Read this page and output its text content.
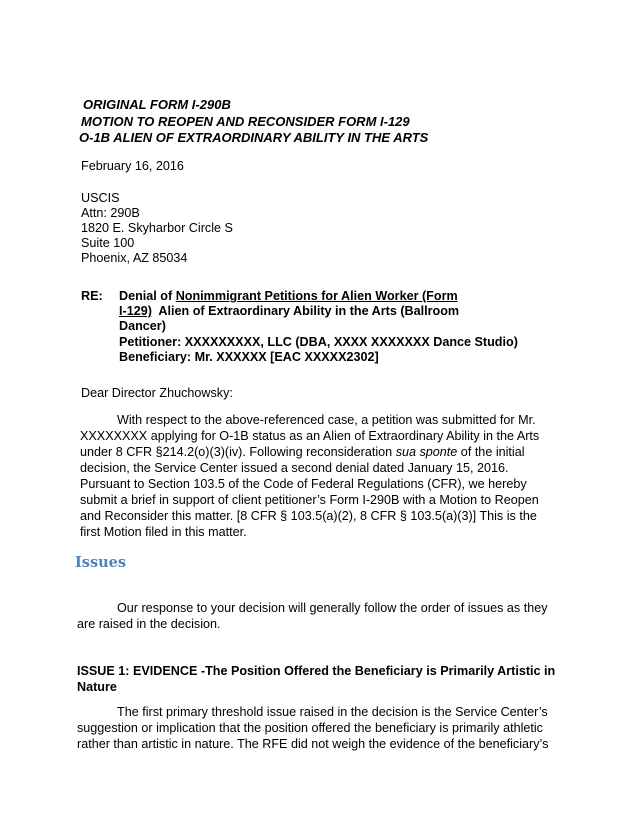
ORIGINAL FORM I-290B
MOTION TO REOPEN AND RECONSIDER FORM I-129
O-1B ALIEN OF EXTRAORDINARY ABILITY IN THE ARTS
February 16, 2016
USCIS
Attn: 290B
1820 E. Skyharbor Circle S
Suite 100
Phoenix, AZ 85034
RE: Denial of Nonimmigrant Petitions for Alien Worker (Form
I-129)  Alien of Extraordinary Ability in the Arts (Ballroom
Dancer)
Petitioner: XXXXXXXXX, LLC (DBA, XXXX XXXXXXX Dance Studio)
Beneficiary: Mr. XXXXXX [EAC XXXXX2302]
Dear Director Zhuchowsky:
With respect to the above-referenced case, a petition was submitted for Mr.
XXXXXXXX applying for O-1B status as an Alien of Extraordinary Ability in the Arts
under 8 CFR §214.2(o)(3)(iv). Following reconsideration sua sponte of the initial
decision, the Service Center issued a second denial dated January 15, 2016.
Pursuant to Section 103.5 of the Code of Federal Regulations (CFR), we hereby
submit a brief in support of client petitioner’s Form I-290B with a Motion to Reopen
and Reconsider this matter. [8 CFR § 103.5(a)(2), 8 CFR § 103.5(a)(3)] This is the
first Motion filed in this matter.
Issues
Our response to your decision will generally follow the order of issues as they
are raised in the decision.
ISSUE 1: EVIDENCE -The Position Offered the Beneficiary is Primarily Artistic in
Nature
The first primary threshold issue raised in the decision is the Service Center’s
suggestion or implication that the position offered the beneficiary is primarily athletic
rather than artistic in nature. The RFE did not weigh the evidence of the beneficiary’s
